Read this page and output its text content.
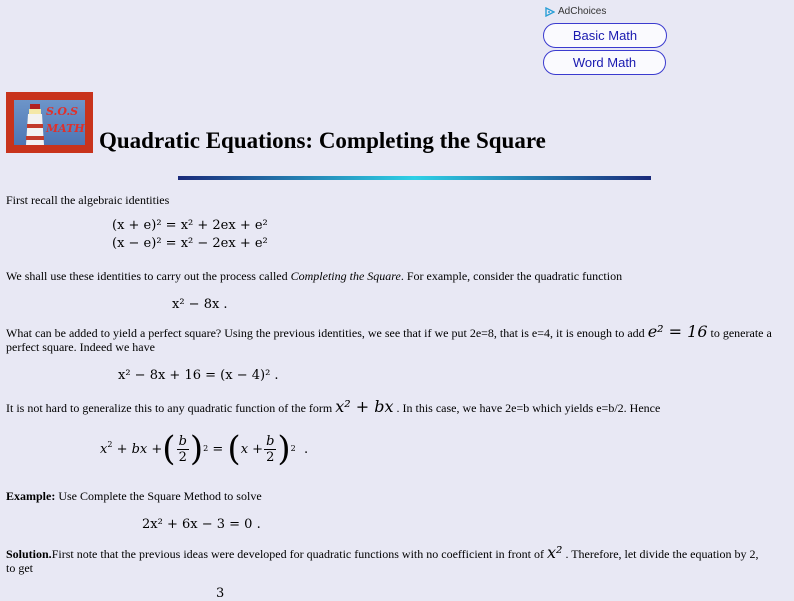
AdChoices
Basic Math
Word Math
S.O.S
MATH Quadratic Equations: Completing the Square

First recall the algebraic identities

(x + e)² = x² + 2ex + e²
(x − e)² = x² − 2ex + e²

We shall use these identities to carry out the process called Completing the Square. For example, consider the quadratic function

x² − 8x .

What can be added to yield a perfect square? Using the previous identities, we see that if we put 2e=8, that is e=4, it is enough to add e² = 16 to generate a

perfect square. Indeed we have

x² − 8x + 16 = (x − 4)² .

It is not hard to generalize this to any quadratic function of the form x² + bx . In this case, we have 2e=b which yields e=b/2. Hence

$x^2$ + bx + ( $\frac{b}{2}$ ) 2 = ( $x + \frac{b}{2}$ ) 2 .

Example: Use Complete the Square Method to solve

2x² + 6x − 3 = 0 .

Solution.First note that the previous ideas were developed for quadratic functions with no coefficient in front of x² . Therefore, let divide the equation by 2,

to get

3
